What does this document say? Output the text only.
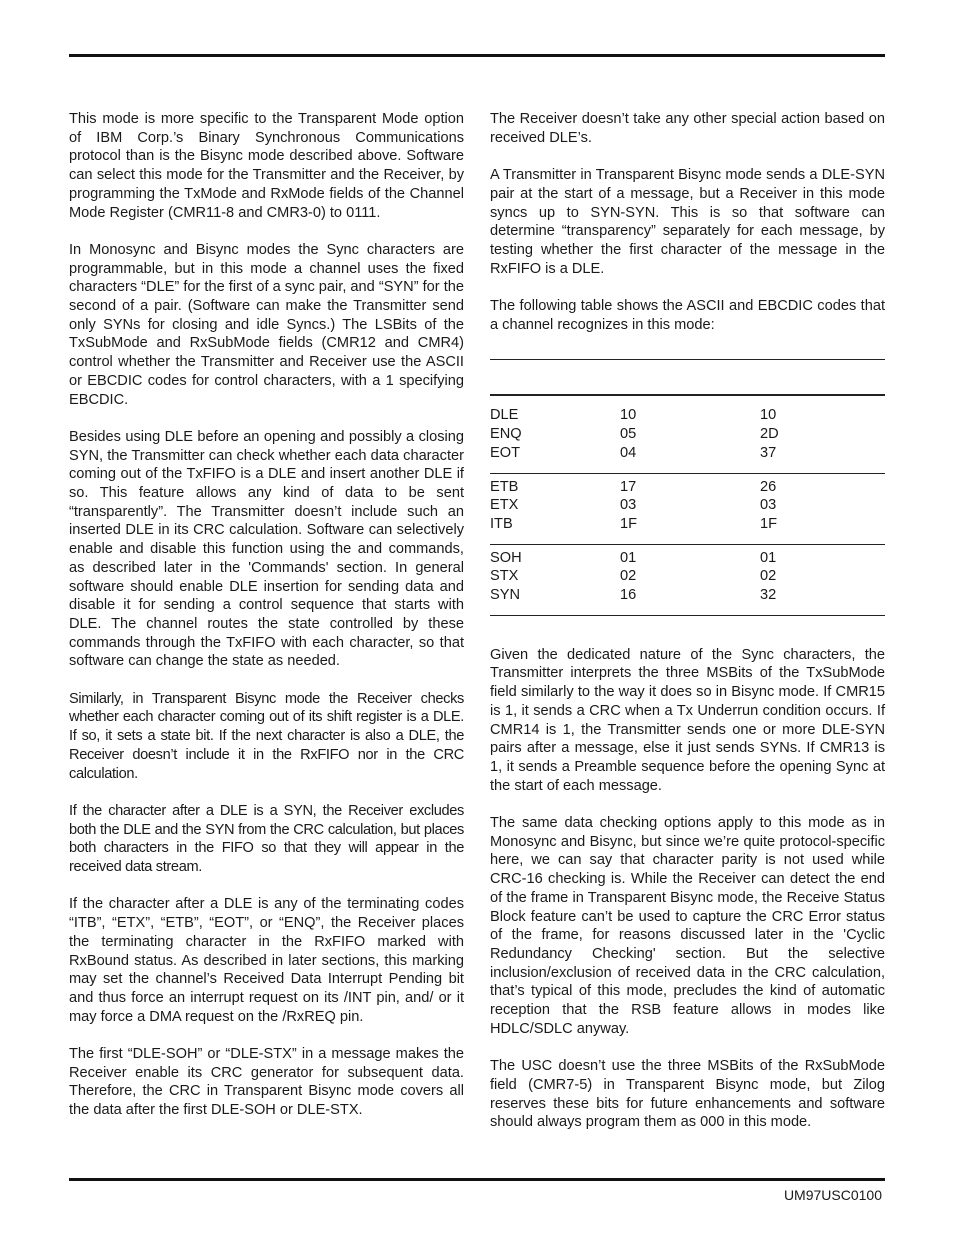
This mode is more specific to the Transparent Mode option of IBM Corp.’s Binary Synchronous Communications protocol than is the Bisync mode described above. Software can select this mode for the Transmitter and the Receiver, by programming the TxMode and RxMode fields of the Channel Mode Register (CMR11-8 and CMR3-0) to 0111.

In Monosync and Bisync modes the Sync characters are programmable, but in this mode a channel uses the fixed characters “DLE” for the first of a sync pair, and “SYN” for the second of a pair. (Software can make the Transmitter send only SYNs for closing and idle Syncs.) The LSBits of the TxSubMode and RxSubMode fields (CMR12 and CMR4) control whether the Transmitter and Receiver use the ASCII or EBCDIC codes for control characters, with a 1 specifying EBCDIC.

Besides using DLE before an opening and possibly a closing SYN, the Transmitter can check whether each data character coming out of the TxFIFO is a DLE and insert another DLE if so. This feature allows any kind of data to be sent “transparently”. The Transmitter doesn’t include such an inserted DLE in its CRC calculation. Software can selectively enable and disable this function using the and commands, as described later in the 'Commands' section. In general software should enable DLE insertion for sending data and disable it for sending a control sequence that starts with DLE. The channel routes the state controlled by these commands through the TxFIFO with each character, so that software can change the state as needed.

Similarly, in Transparent Bisync mode the Receiver checks whether each character coming out of its shift register is a DLE. If so, it sets a state bit. If the next character is also a DLE, the Receiver doesn’t include it in the RxFIFO nor in the CRC calculation.

If the character after a DLE is a SYN, the Receiver excludes both the DLE and the SYN from the CRC calculation, but places both characters in the FIFO so that they will appear in the received data stream.

If the character after a DLE is any of the terminating codes “ITB”, “ETX”, “ETB”, “EOT”, or “ENQ”, the Receiver places the terminating character in the RxFIFO marked with RxBound status. As described in later sections, this marking may set the channel’s Received Data Interrupt Pending bit and thus force an interrupt request on its /INT pin, and/ or it may force a DMA request on the /RxREQ pin.

The first “DLE-SOH” or “DLE-STX” in a message makes the Receiver enable its CRC generator for subsequent data. Therefore, the CRC in Transparent Bisync mode covers all the data after the first DLE-SOH or DLE-STX.

The Receiver doesn’t take any other special action based on received DLE’s.

A Transmitter in Transparent Bisync mode sends a DLE-SYN pair at the start of a message, but a Receiver in this mode syncs up to SYN-SYN. This is so that software can determine “transparency” separately for each message, by testing whether the first character of the message in the RxFIFO is a DLE.

The following table shows the ASCII and EBCDIC codes that a channel recognizes in this mode:

DLE	10	10
ENQ	05	2D
EOT	04	37
ETB	17	26
ETX	03	03
ITB	1F	1F
SOH	01	01
STX	02	02
SYN	16	32

Given the dedicated nature of the Sync characters, the Transmitter interprets the three MSBits of the TxSubMode field similarly to the way it does so in Bisync mode. If CMR15 is 1, it sends a CRC when a Tx Underrun condition occurs. If CMR14 is 1, the Transmitter sends one or more DLE-SYN pairs after a message, else it just sends SYNs. If CMR13 is 1, it sends a Preamble sequence before the opening Sync at the start of each message.

The same data checking options apply to this mode as in Monosync and Bisync, but since we’re quite protocol-specific here, we can say that character parity is not used while CRC-16 checking is. While the Receiver can detect the end of the frame in Transparent Bisync mode, the Receive Status Block feature can’t be used to capture the CRC Error status of the frame, for reasons discussed later in the 'Cyclic Redundancy Checking' section. But the selective inclusion/exclusion of received data in the CRC calculation, that’s typical of this mode, precludes the kind of automatic reception that the RSB feature allows in modes like HDLC/SDLC anyway.

The USC doesn’t use the three MSBits of the RxSubMode field (CMR7-5) in Transparent Bisync mode, but Zilog reserves these bits for future enhancements and software should always program them as 000 in this mode.

UM97USC0100
